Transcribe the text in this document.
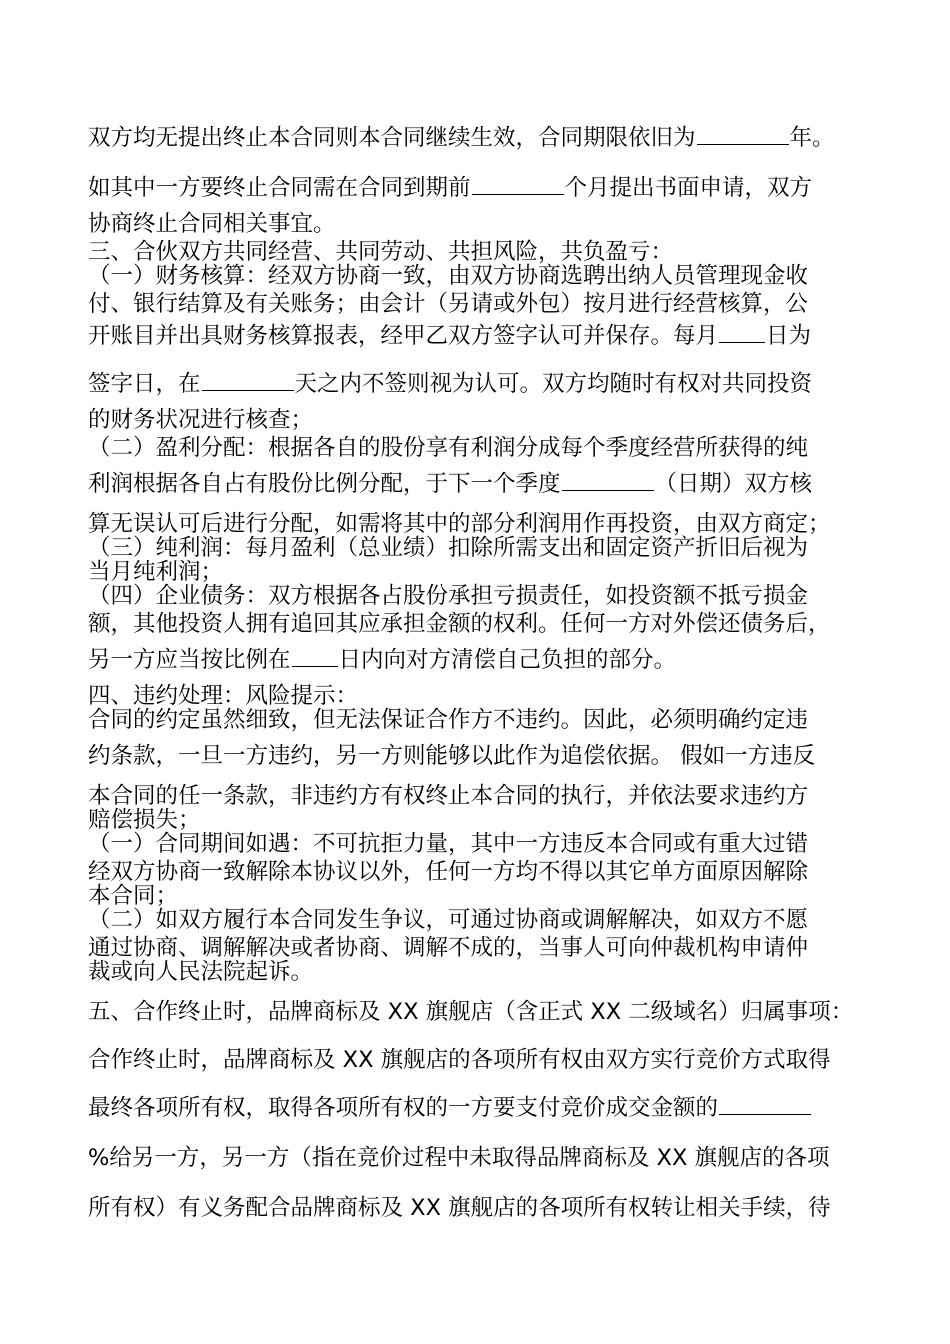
双方均无提出终止本合同则本合同继续生效，合同期限依旧为	年。
如其中一方要终止合同需在合同到期前	个月提出书面申请，双方
协商终止合同相关事宜。
三、合伙双方共同经营、共同劳动、共担风险，共负盈亏：
（一）财务核算：经双方协商一致，由双方协商选聘出纳人员管理现金收
付、银行结算及有关账务；由会计（另请或外包）按月进行经营核算，公
开账目并出具财务核算报表，经甲乙双方签字认可并保存。每月 日为
签字日，在	天之内不签则视为认可。双方均随时有权对共同投资
的财务状况进行核查；
（二）盈利分配：根据各自的股份享有利润分成每个季度经营所获得的纯
利润根据各自占有股份比例分配，于下一个季度	（日期）双方核
算无误认可后进行分配，如需将其中的部分利润用作再投资，由双方商定；
（三）纯利润：每月盈利（总业绩）扣除所需支出和固定资产折旧后视为
当月纯利润；
（四）企业债务：双方根据各占股份承担亏损责任，如投资额不抵亏损金
额，其他投资人拥有追回其应承担金额的权利。任何一方对外偿还债务后，
另一方应当按比例在 日内向对方清偿自己负担的部分。
四、违约处理：风险提示：
合同的约定虽然细致，但无法保证合作方不违约。因此，必须明确约定违
约条款，一旦一方违约，另一方则能够以此作为追偿依据。 假如一方违反
本合同的任一条款，非违约方有权终止本合同的执行，并依法要求违约方
赔偿损失；
（一）合同期间如遇：不可抗拒力量，其中一方违反本合同或有重大过错
经双方协商一致解除本协议以外，任何一方均不得以其它单方面原因解除
本合同；
（二）如双方履行本合同发生争议，可通过协商或调解解决，如双方不愿
通过协商、调解解决或者协商、调解不成的，当事人可向仲裁机构申请仲
裁或向人民法院起诉。
五、合作终止时，品牌商标及 XX 旗舰店（含正式 XX 二级域名）归属事项：
合作终止时，品牌商标及 XX 旗舰店的各项所有权由双方实行竞价方式取得
最终各项所有权，取得各项所有权的一方要支付竞价成交金额的
%给另一方，另一方（指在竞价过程中未取得品牌商标及 XX 旗舰店的各项
所有权）有义务配合品牌商标及 XX 旗舰店的各项所有权转让相关手续，待
